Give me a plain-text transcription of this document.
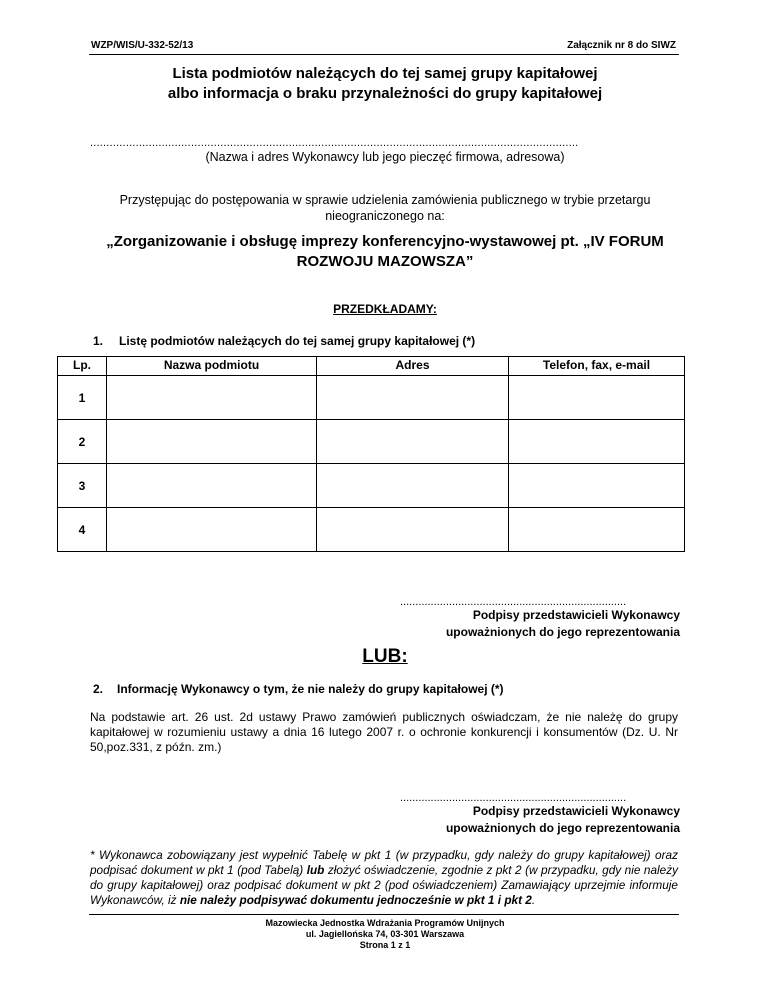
WZP/WIS/U-332-52/13	Załącznik nr 8 do SIWZ
Lista podmiotów należących do tej samej grupy kapitałowej
albo informacja o braku przynależności do grupy kapitałowej
......................................................................................................................................................
(Nazwa i adres Wykonawcy lub jego pieczęć firmowa, adresowa)
Przystępując do postępowania w sprawie udzielenia zamówienia publicznego w trybie przetargu nieograniczonego na:
„Zorganizowanie i obsługę imprezy konferencyjno-wystawowej pt. „IV FORUM ROZWOJU MAZOWSZA”
PRZEDKŁADAMY:
1. Listę podmiotów należących do tej samej grupy kapitałowej (*)
Lp.	Nazwa podmiotu	Adres	Telefon, fax, e-mail
1			
2			
3			
4			
..........................................................................
Podpisy przedstawicieli Wykonawcy
upoważnionych do jego reprezentowania
LUB:
2. Informację Wykonawcy o tym, że nie należy do grupy kapitałowej (*)
Na podstawie art. 26 ust. 2d ustawy Prawo zamówień publicznych oświadczam, że nie należę do grupy kapitałowej w rozumieniu ustawy a dnia 16 lutego 2007 r. o ochronie konkurencji i konsumentów (Dz. U. Nr 50,poz.331, z późn. zm.)
..........................................................................
Podpisy przedstawicieli Wykonawcy
upoważnionych do jego reprezentowania
* Wykonawca zobowiązany jest wypełnić Tabelę w pkt 1 (w przypadku, gdy należy do grupy kapitałowej) oraz podpisać dokument w pkt 1 (pod Tabelą) lub złożyć oświadczenie, zgodnie z pkt 2 (w przypadku, gdy nie należy do grupy kapitałowej) oraz podpisać dokument w pkt 2 (pod oświadczeniem) Zamawiający uprzejmie informuje Wykonawców, iż nie należy podpisywać dokumentu jednocześnie w pkt 1 i pkt 2.
Mazowiecka Jednostka Wdrażania Programów Unijnych
ul. Jagiellońska 74, 03-301 Warszawa
Strona 1 z 1
